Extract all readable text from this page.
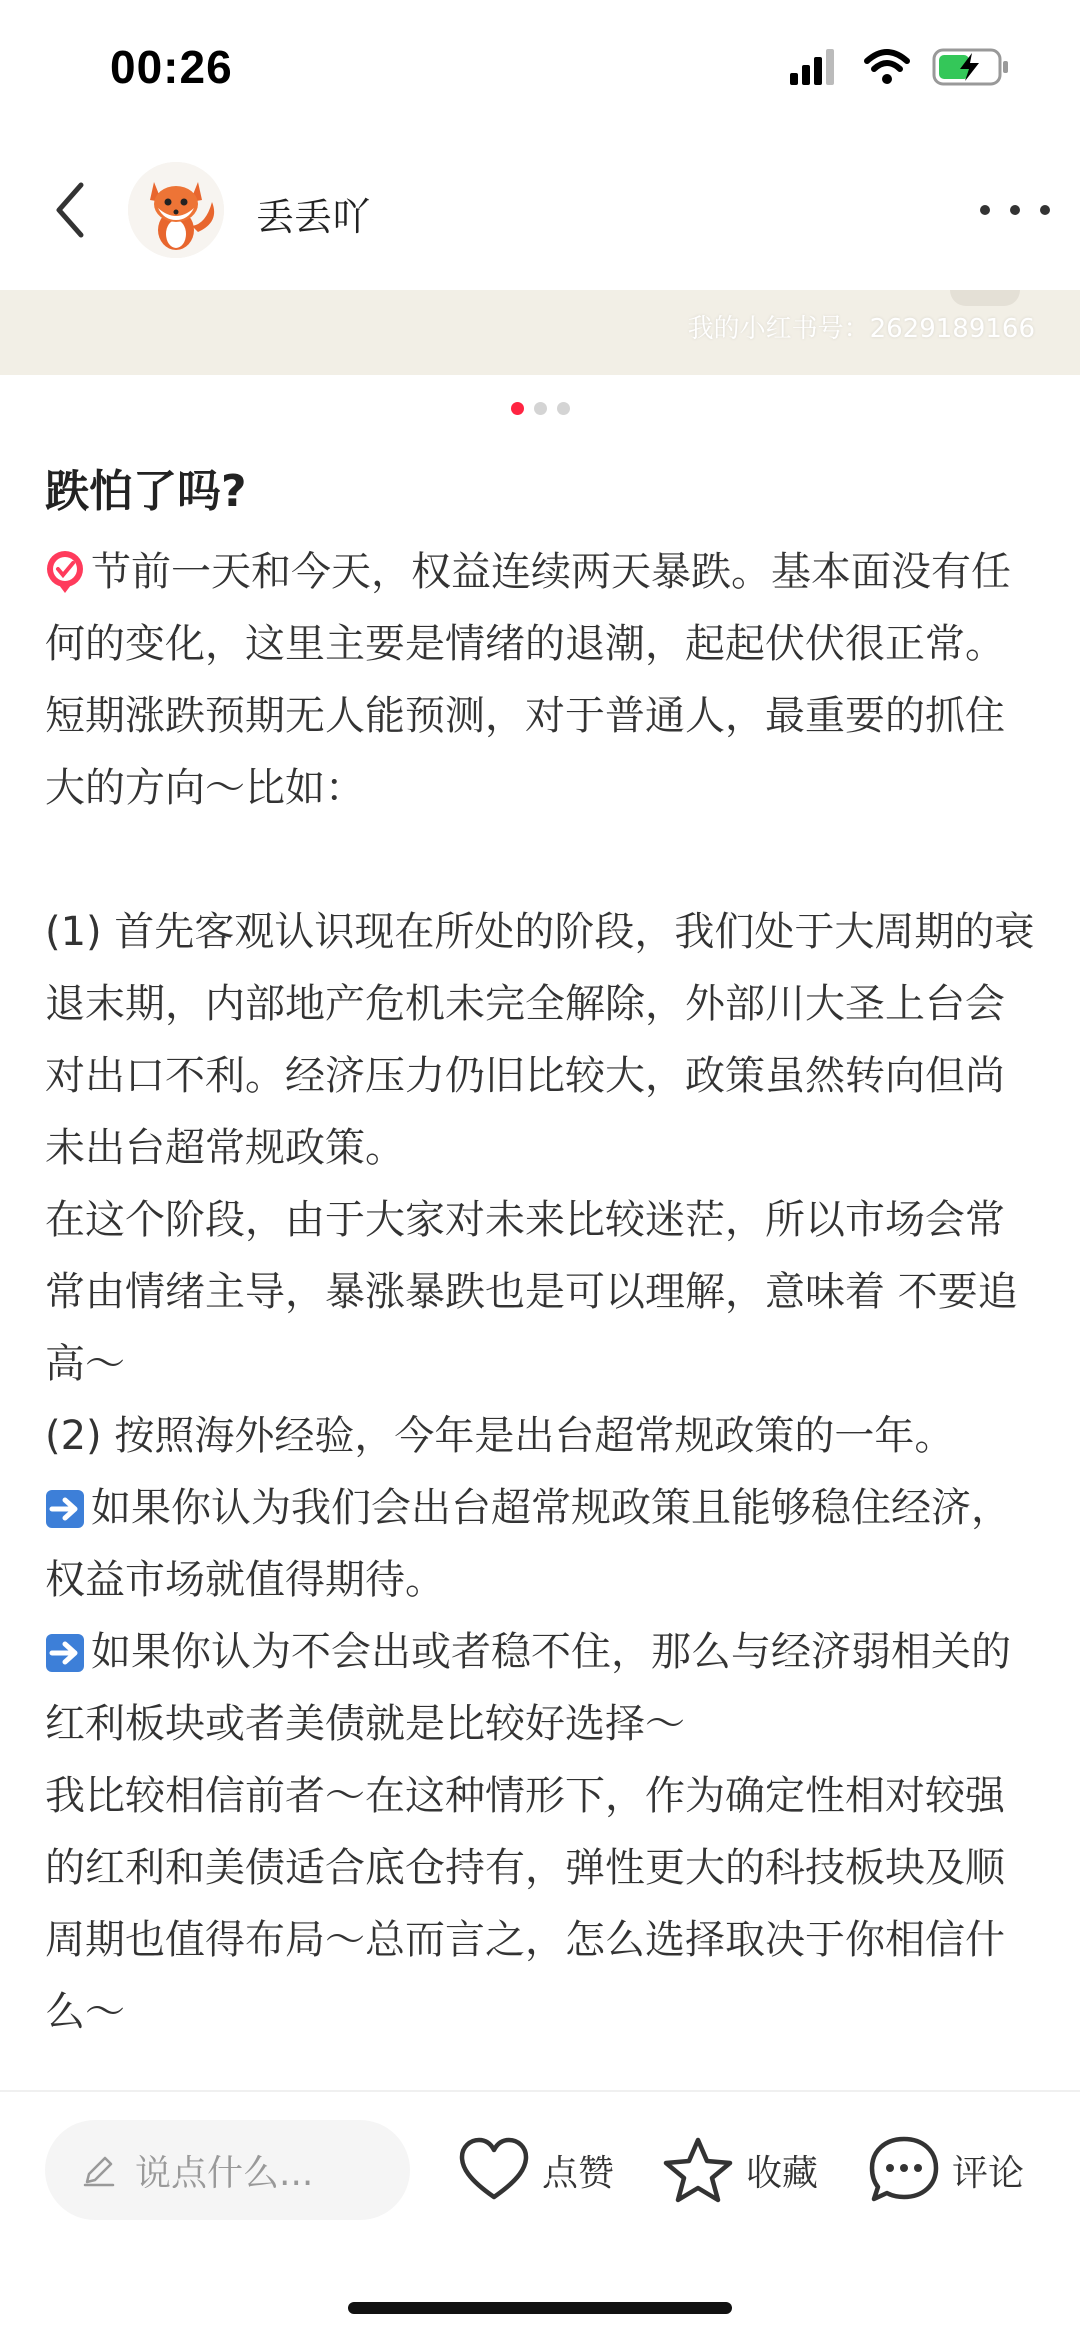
00:26
丢丢吖
我的小红书号：2629189166
跌怕了吗?
节前一天和今天，权益连续两天暴跌。基本面没有任何的变化，这里主要是情绪的退潮，起起伏伏很正常。短期涨跌预期无人能预测，对于普通人，最重要的抓住大的方向～比如：
(1) 首先客观认识现在所处的阶段，我们处于大周期的衰退末期，内部地产危机未完全解除，外部川大圣上台会对出口不利。经济压力仍旧比较大，政策虽然转向但尚未出台超常规政策。
在这个阶段，由于大家对未来比较迷茫，所以市场会常常由情绪主导，暴涨暴跌也是可以理解，意味着 不要追高～
(2) 按照海外经验，今年是出台超常规政策的一年。
如果你认为我们会出台超常规政策且能够稳住经济，权益市场就值得期待。
如果你认为不会出或者稳不住，那么与经济弱相关的红利板块或者美债就是比较好选择～
我比较相信前者～在这种情形下，作为确定性相对较强的红利和美债适合底仓持有，弹性更大的科技板块及顺周期也值得布局～总而言之，怎么选择取决于你相信什么～
说点什么...	点赞	收藏	评论
